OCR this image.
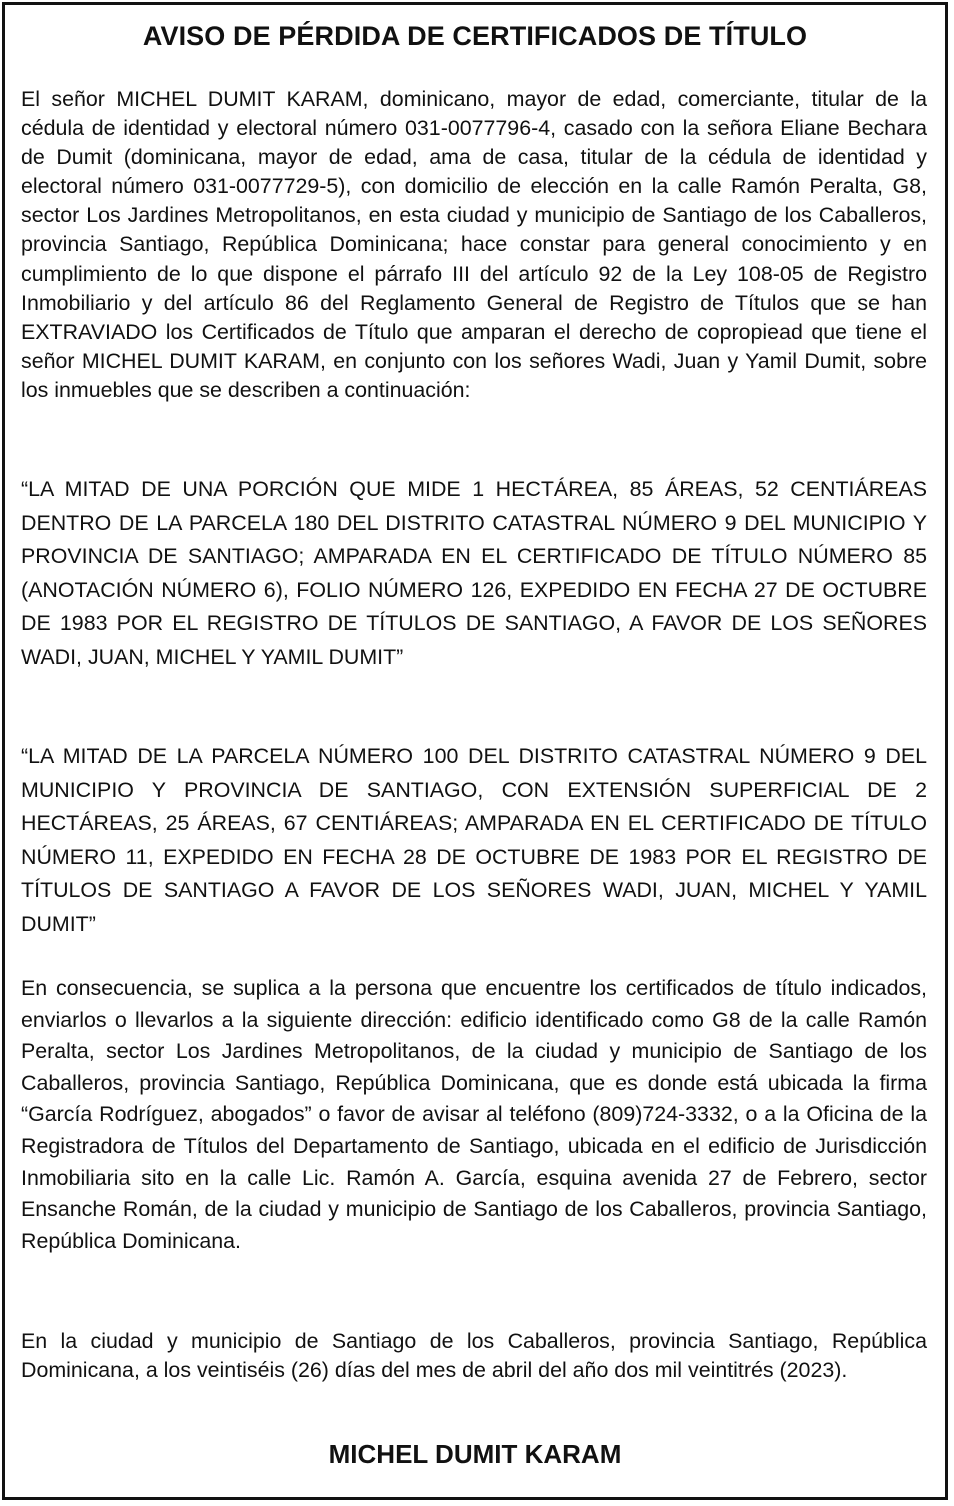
AVISO DE PÉRDIDA DE CERTIFICADOS DE TÍTULO

El señor MICHEL DUMIT KARAM, dominicano, mayor de edad, comerciante, titular de la cédula de identidad y electoral número 031-0077796-4, casado con la señora Eliane Bechara de Dumit (dominicana, mayor de edad, ama de casa, titular de la cédula de identidad y electoral número 031-0077729-5), con domicilio de elección en la calle Ramón Peralta, G8, sector Los Jardines Metropolitanos, en esta ciudad y municipio de Santiago de los Caballeros, provincia Santiago, República Dominicana; hace constar para general conocimiento y en cumplimiento de lo que dispone el párrafo III del artículo 92 de la Ley 108-05 de Registro Inmobiliario y del artículo 86 del Reglamento General de Registro de Títulos que se han EXTRAVIADO los Certificados de Título que amparan el derecho de copropiead que tiene el señor MICHEL DUMIT KARAM, en conjunto con los señores Wadi, Juan y Yamil Dumit, sobre los inmuebles que se describen a continuación:

“LA MITAD DE UNA PORCIÓN QUE MIDE 1 HECTÁREA, 85 ÁREAS, 52 CENTIÁREAS DENTRO DE LA PARCELA 180 DEL DISTRITO CATASTRAL NÚMERO 9 DEL MUNICIPIO Y PROVINCIA DE SANTIAGO; AMPARADA EN EL CERTIFICADO DE TÍTULO NÚMERO 85 (ANOTACIÓN NÚMERO 6), FOLIO NÚMERO 126, EXPEDIDO EN FECHA 27 DE OCTUBRE DE 1983 POR EL REGISTRO DE TÍTULOS DE SANTIAGO, A FAVOR DE LOS SEÑORES WADI, JUAN, MICHEL Y YAMIL DUMIT”

“LA MITAD DE LA PARCELA NÚMERO 100 DEL DISTRITO CATASTRAL NÚMERO 9 DEL MUNICIPIO Y PROVINCIA DE SANTIAGO, CON EXTENSIÓN SUPERFICIAL DE 2 HECTÁREAS, 25 ÁREAS, 67 CENTIÁREAS; AMPARADA EN EL CERTIFICADO DE TÍTULO NÚMERO 11, EXPEDIDO EN FECHA 28 DE OCTUBRE DE 1983 POR EL REGISTRO DE TÍTULOS DE SANTIAGO A FAVOR DE LOS SEÑORES WADI, JUAN, MICHEL Y YAMIL DUMIT”

En consecuencia, se suplica a la persona que encuentre los certificados de título indicados, enviarlos o llevarlos a la siguiente dirección: edificio identificado como G8 de la calle Ramón Peralta, sector Los Jardines Metropolitanos, de la ciudad y municipio de Santiago de los Caballeros, provincia Santiago, República Dominicana, que es donde está ubicada la firma “García Rodríguez, abogados” o favor de avisar al teléfono (809)724-3332, o a la Oficina de la Registradora de Títulos del Departamento de Santiago, ubicada en el edificio de Jurisdicción Inmobiliaria sito en la calle Lic. Ramón A. García, esquina avenida 27 de Febrero, sector Ensanche Román, de la ciudad y municipio de Santiago de los Caballeros, provincia Santiago, República Dominicana.

En la ciudad y municipio de Santiago de los Caballeros, provincia Santiago, República Dominicana, a los veintiséis (26) días del mes de abril del año dos mil veintitrés (2023).

MICHEL DUMIT KARAM
